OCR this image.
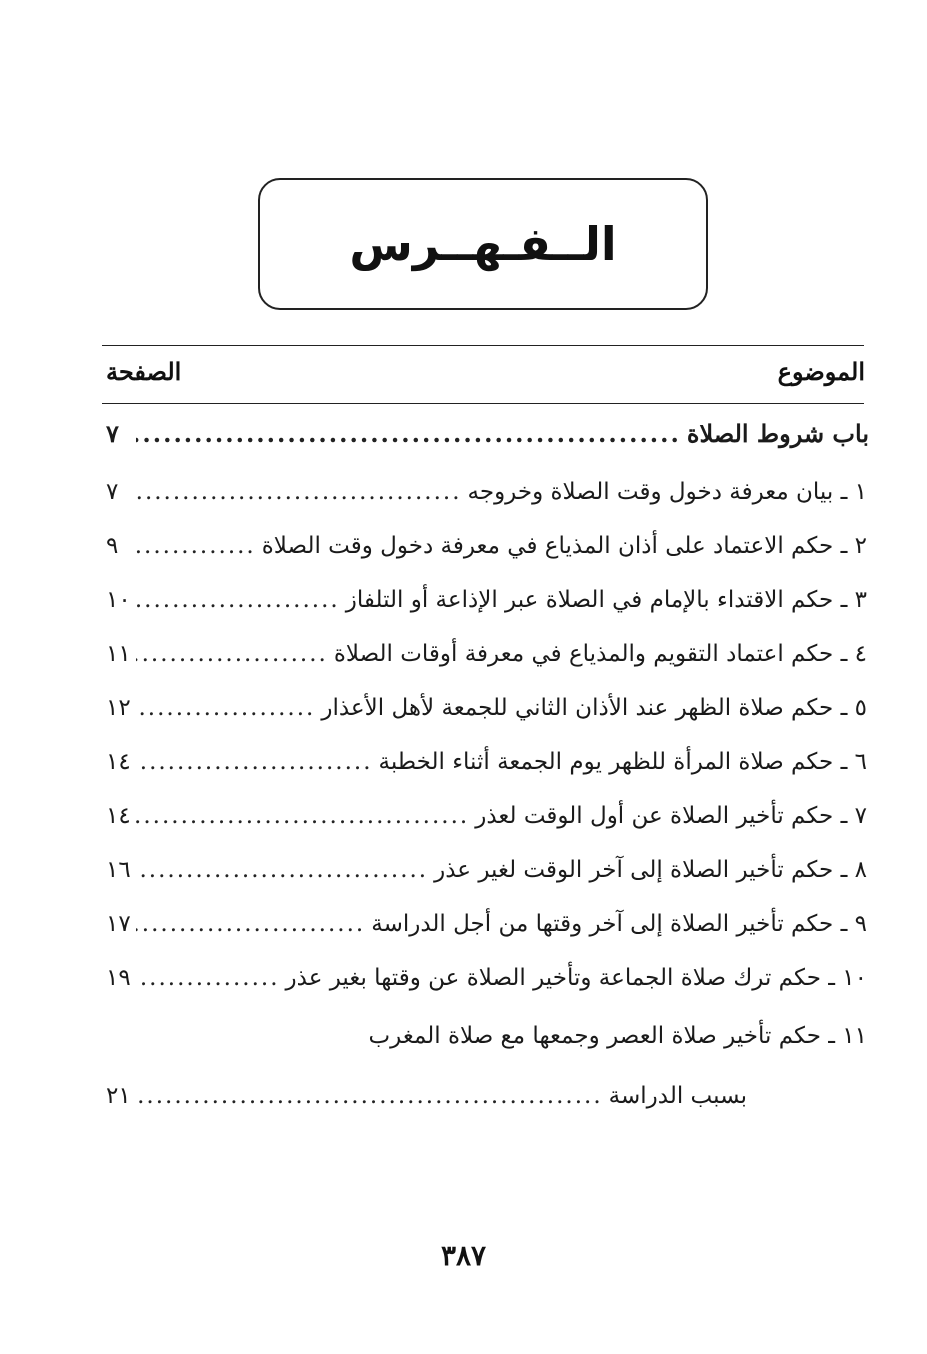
الــفـهــرس
الموضوع
الصفحة
باب شروط الصلاة
.....
٧
١ ـ بيان معرفة دخول وقت الصلاة وخروجه
.....
٧
٢ ـ حكم الاعتماد على أذان المذياع في معرفة دخول وقت الصلاة
.....
٩
٣ ـ حكم الاقتداء بالإمام في الصلاة عبر الإذاعة أو التلفاز
.....
١٠
٤ ـ حكم اعتماد التقويم والمذياع في معرفة أوقات الصلاة
.....
١١
٥ ـ حكم صلاة الظهر عند الأذان الثاني للجمعة لأهل الأعذار
.....
١٢
٦ ـ حكم صلاة المرأة للظهر يوم الجمعة أثناء الخطبة
.....
١٤
٧ ـ حكم تأخير الصلاة عن أول الوقت لعذر
.....
١٤
٨ ـ حكم تأخير الصلاة إلى آخر الوقت لغير عذر
.....
١٦
٩ ـ حكم تأخير الصلاة إلى آخر وقتها من أجل الدراسة
.....
١٧
١٠ ـ حكم ترك صلاة الجماعة وتأخير الصلاة عن وقتها بغير عذر
.....
١٩
١١ ـ حكم تأخير صلاة العصر وجمعها مع صلاة المغرب
بسبب الدراسة
.....
٢١
٣٨٧
